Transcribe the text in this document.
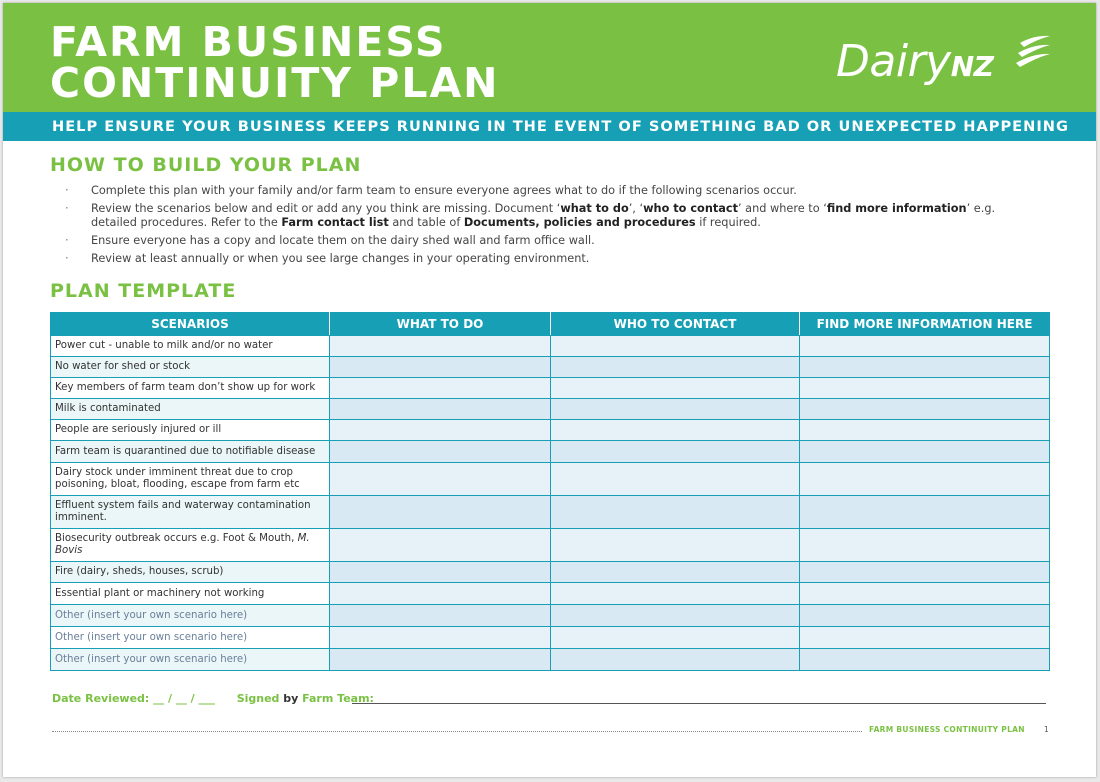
FARM BUSINESS
CONTINUITY PLAN	DairyNZ
HELP ENSURE YOUR BUSINESS KEEPS RUNNING IN THE EVENT OF SOMETHING BAD OR UNEXPECTED HAPPENING
HOW TO BUILD YOUR PLAN
· Complete this plan with your family and/or farm team to ensure everyone agrees what to do if the following scenarios occur.
· Review the scenarios below and edit or add any you think are missing. Document ‘what to do’, ‘who to contact’ and where to ‘find more information’ e.g. detailed procedures. Refer to the Farm contact list and table of Documents, policies and procedures if required.
· Ensure everyone has a copy and locate them on the dairy shed wall and farm office wall.
· Review at least annually or when you see large changes in your operating environment.
PLAN TEMPLATE
SCENARIOS	WHAT TO DO	WHO TO CONTACT	FIND MORE INFORMATION HERE
Power cut - unable to milk and/or no water			
No water for shed or stock			
Key members of farm team don’t show up for work			
Milk is contaminated			
People are seriously injured or ill			
Farm team is quarantined due to notifiable disease			
Dairy stock under imminent threat due to crop poisoning, bloat, flooding, escape from farm etc			
Effluent system fails and waterway contamination imminent.			
Biosecurity outbreak occurs e.g. Foot & Mouth, M. Bovis			
Fire (dairy, sheds, houses, scrub)			
Essential plant or machinery not working			
Other (insert your own scenario here)			
Other (insert your own scenario here)			
Other (insert your own scenario here)			
Date Reviewed: __ / __ / ___ Signed by Farm Team:
FARM BUSINESS CONTINUITY PLAN	1
